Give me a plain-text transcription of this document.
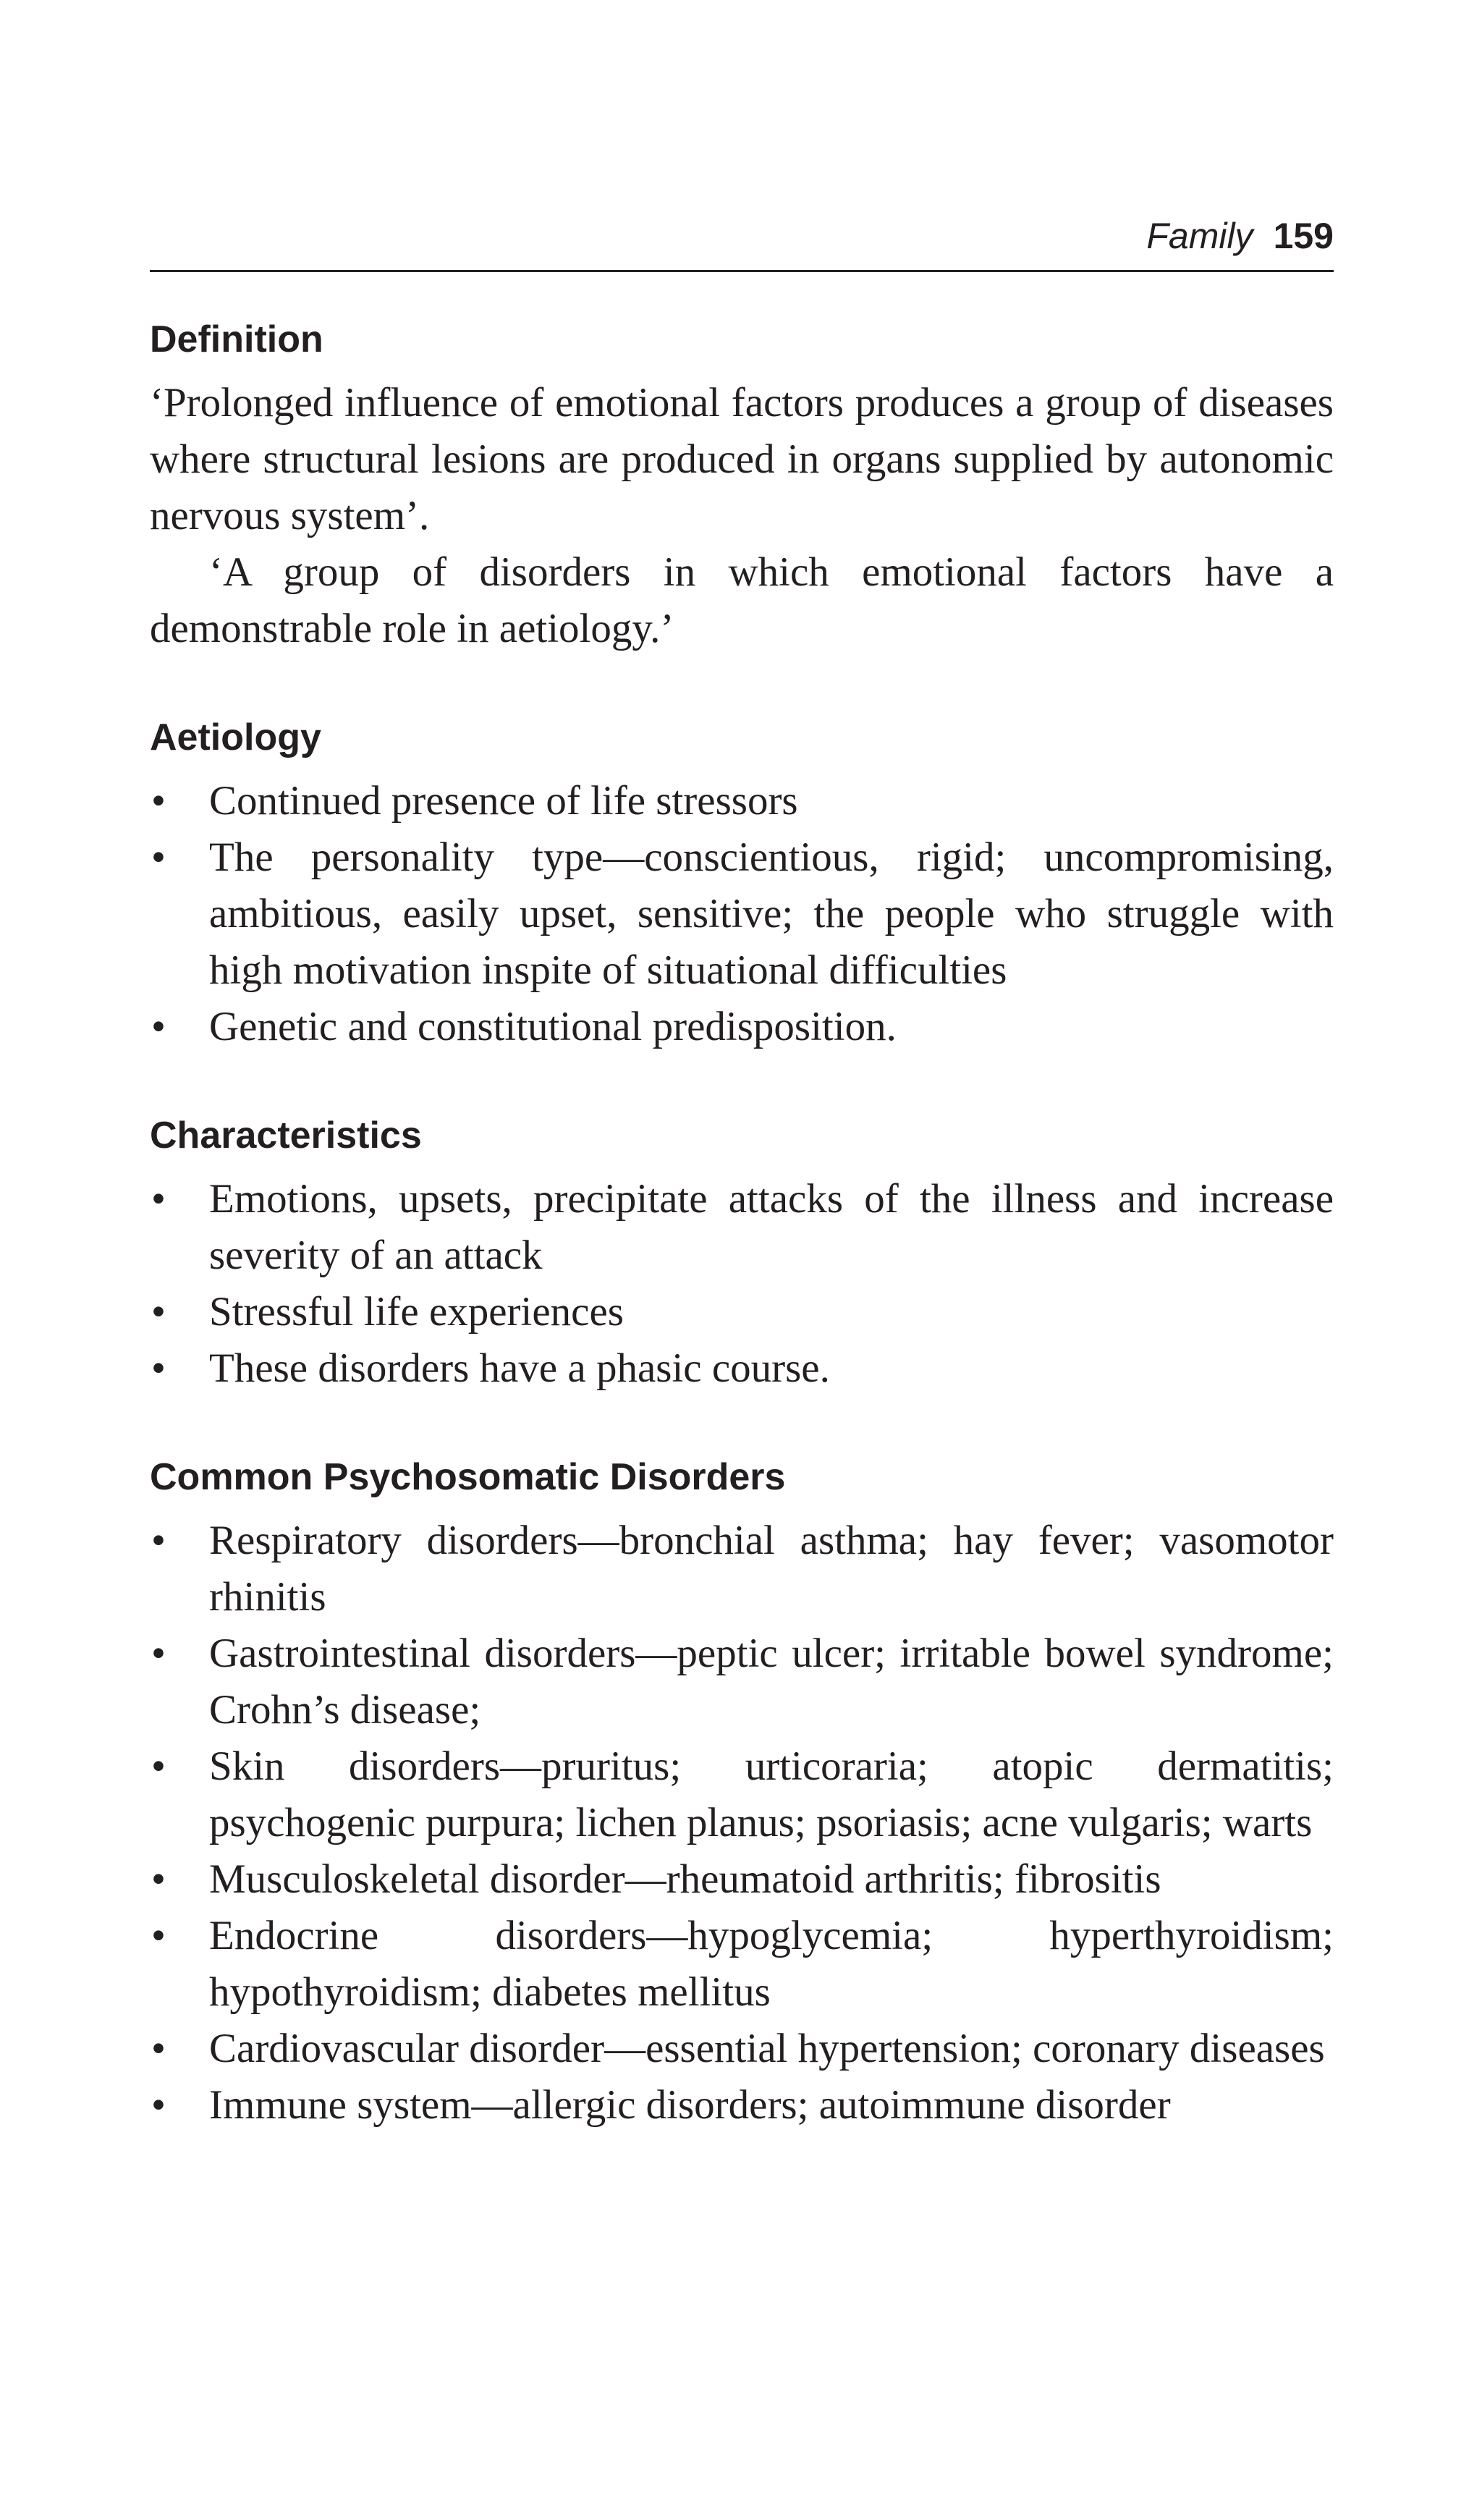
Family 159
Definition

‘Prolonged influence of emotional factors produces a group of diseases where structural lesions are produced in organs supplied by autonomic nervous system’.

‘A group of disorders in which emotional factors have a demonstrable role in aetiology.’

Aetiology
• Continued presence of life stressors
• The personality type—conscientious, rigid; uncompromising, ambitious, easily upset, sensitive; the people who struggle with high motivation inspite of situational difficulties
• Genetic and constitutional predisposition.
Characteristics
• Emotions, upsets, precipitate attacks of the illness and increase severity of an attack
• Stressful life experiences
• These disorders have a phasic course.
Common Psychosomatic Disorders
• Respiratory disorders—bronchial asthma; hay fever; vasomotor rhinitis
• Gastrointestinal disorders—peptic ulcer; irritable bowel syndrome; Crohn’s disease;
• Skin disorders—pruritus; urticoraria; atopic dermatitis; psychogenic purpura; lichen planus; psoriasis; acne vulgaris; warts
• Musculoskeletal disorder—rheumatoid arthritis; fibrositis
• Endocrine disorders—hypoglycemia; hyperthyroidism; hypothyroidism; diabetes mellitus
• Cardiovascular disorder—essential hypertension; coronary diseases
• Immune system—allergic disorders; autoimmune disorder
